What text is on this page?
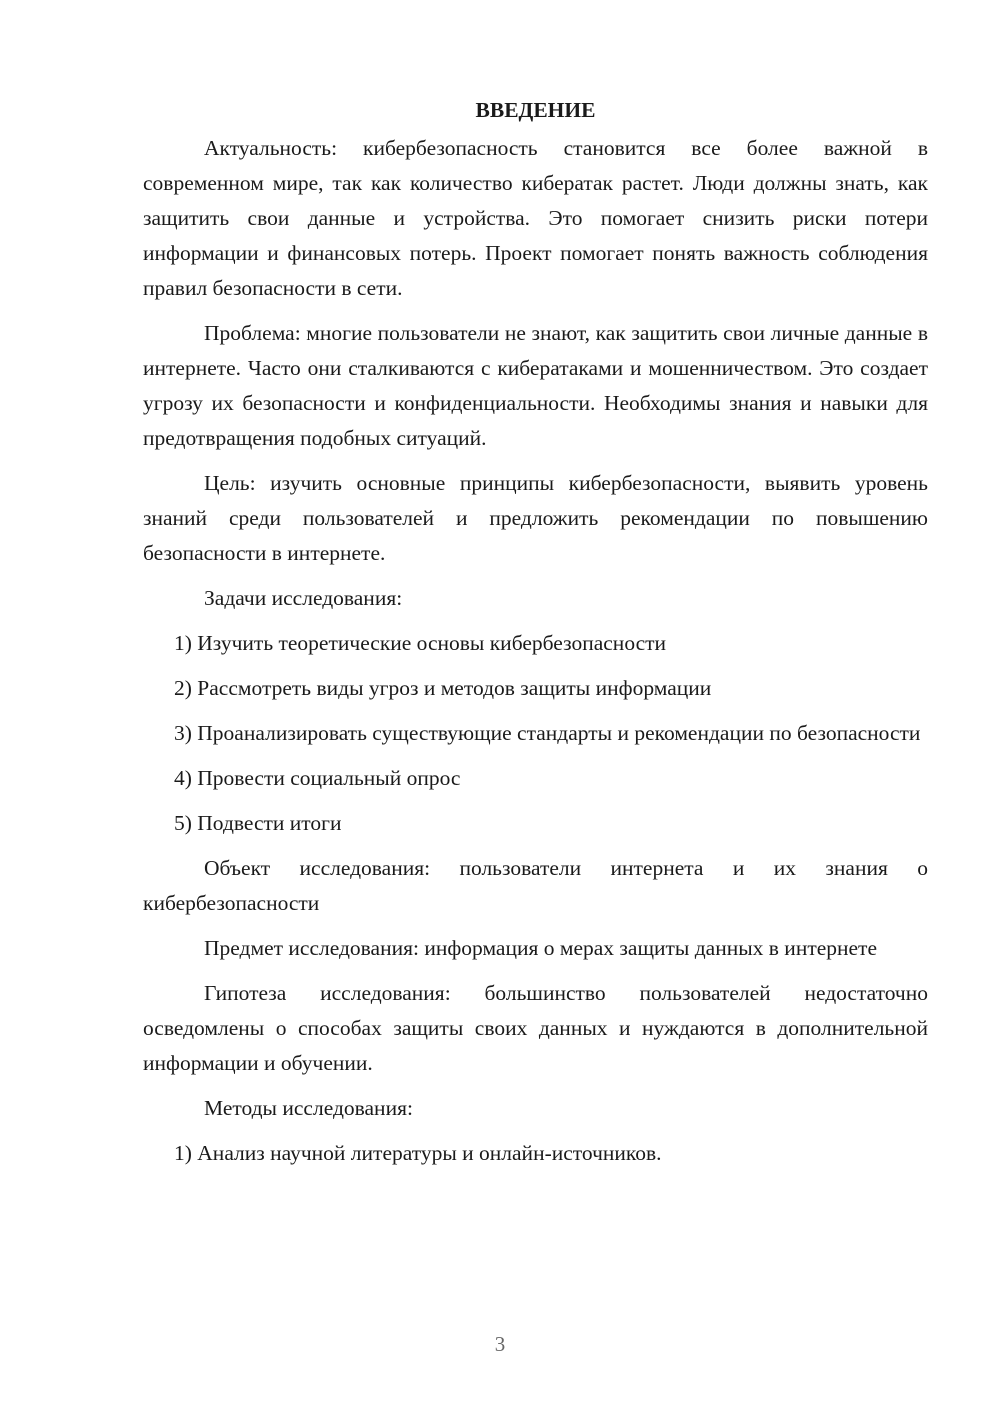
ВВЕДЕНИЕ

Актуальность: кибербезопасность становится все более важной в современном мире, так как количество кибератак растет. Люди должны знать, как защитить свои данные и устройства. Это помогает снизить риски потери информации и финансовых потерь. Проект помогает понять важность соблюдения правил безопасности в сети.

Проблема: многие пользователи не знают, как защитить свои личные данные в интернете. Часто они сталкиваются с кибератаками и мошенничеством. Это создает угрозу их безопасности и конфиденциальности. Необходимы знания и навыки для предотвращения подобных ситуаций.

Цель: изучить основные принципы кибербезопасности, выявить уровень знаний среди пользователей и предложить рекомендации по повышению безопасности в интернете.

Задачи исследования:

1) Изучить теоретические основы кибербезопасности

2) Рассмотреть виды угроз и методов защиты информации

3) Проанализировать существующие стандарты и рекомендации по безопасности

4) Провести социальный опрос

5) Подвести итоги

Объект исследования: пользователи интернета и их знания о кибербезопасности

Предмет исследования: информация о мерах защиты данных в интернете

Гипотеза исследования: большинство пользователей недостаточно осведомлены о способах защиты своих данных и нуждаются в дополнительной информации и обучении.

Методы исследования:

1) Анализ научной литературы и онлайн-источников.

3
